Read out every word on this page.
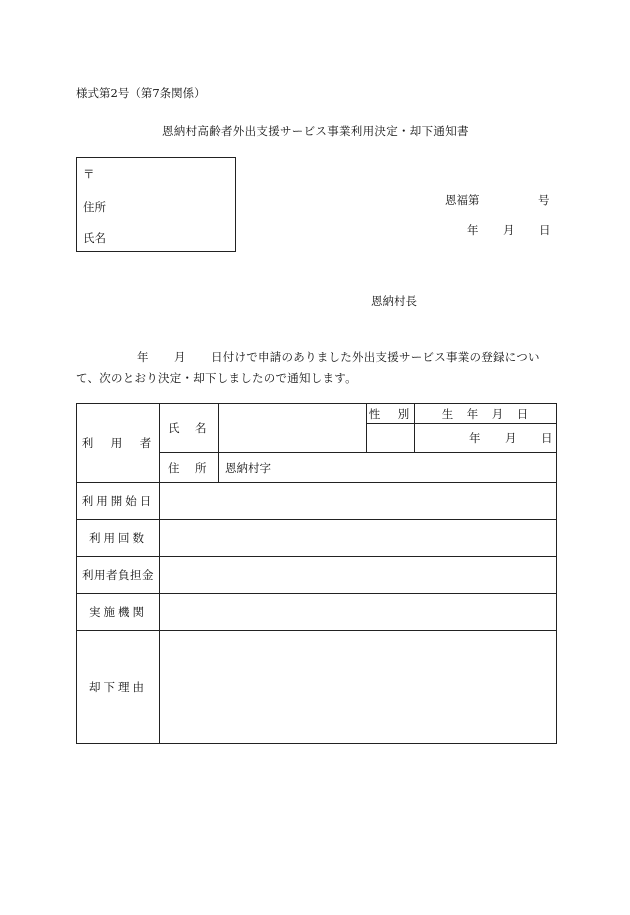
様式第2号（第7条関係）
恩納村高齢者外出支援サービス事業利用決定・却下通知書
〒
住所
氏名
恩福第	号
年 月 日
恩納村長
年 月 日付けで申請のありました外出支援サービス事業の登録につい
て、次のとおり決定・却下しましたので通知します。
利　用　者	氏　名		性　別	生　年　月　日

				年 月 日

	住　所	恩納村字		
利用開始日				
利用回数				
利用者負担金				
実施機関				
却下理由				
